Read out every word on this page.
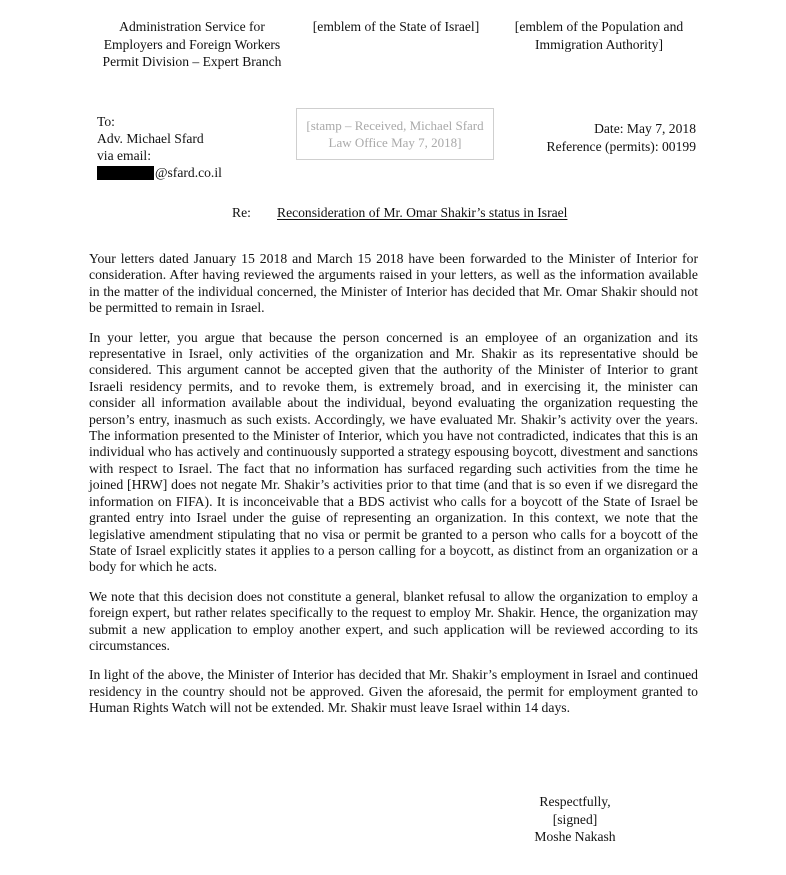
Administration Service for
Employers and Foreign Workers
Permit Division – Expert Branch
[emblem of the State of Israel]	[emblem of the Population and Immigration Authority]
To:
Adv. Michael Sfard
via email:
@sfard.co.il
[stamp – Received, Michael Sfard Law Office May 7, 2018]
Date: May 7, 2018
Reference (permits): 00199
Re: Reconsideration of Mr. Omar Shakir’s status in Israel

Your letters dated January 15 2018 and March 15 2018 have been forwarded to the Minister of Interior for consideration. After having reviewed the arguments raised in your letters, as well as the information available in the matter of the individual concerned, the Minister of Interior has decided that Mr. Omar Shakir should not be permitted to remain in Israel.

In your letter, you argue that because the person concerned is an employee of an organization and its representative in Israel, only activities of the organization and Mr. Shakir as its representative should be considered. This argument cannot be accepted given that the authority of the Minister of Interior to grant Israeli residency permits, and to revoke them, is extremely broad, and in exercising it, the minister can consider all information available about the individual, beyond evaluating the organization requesting the person’s entry, inasmuch as such exists. Accordingly, we have evaluated Mr. Shakir’s activity over the years. The information presented to the Minister of Interior, which you have not contradicted, indicates that this is an individual who has actively and continuously supported a strategy espousing boycott, divestment and sanctions with respect to Israel. The fact that no information has surfaced regarding such activities from the time he joined [HRW] does not negate Mr. Shakir’s activities prior to that time (and that is so even if we disregard the information on FIFA). It is inconceivable that a BDS activist who calls for a boycott of the State of Israel be granted entry into Israel under the guise of representing an organization. In this context, we note that the legislative amendment stipulating that no visa or permit be granted to a person who calls for a boycott of the State of Israel explicitly states it applies to a person calling for a boycott, as distinct from an organization or a body for which he acts.

We note that this decision does not constitute a general, blanket refusal to allow the organization to employ a foreign expert, but rather relates specifically to the request to employ Mr. Shakir. Hence, the organization may submit a new application to employ another expert, and such application will be reviewed according to its circumstances.

In light of the above, the Minister of Interior has decided that Mr. Shakir’s employment in Israel and continued residency in the country should not be approved. Given the aforesaid, the permit for employment granted to Human Rights Watch will not be extended. Mr. Shakir must leave Israel within 14 days.

Respectfully,
[signed]
Moshe Nakash
